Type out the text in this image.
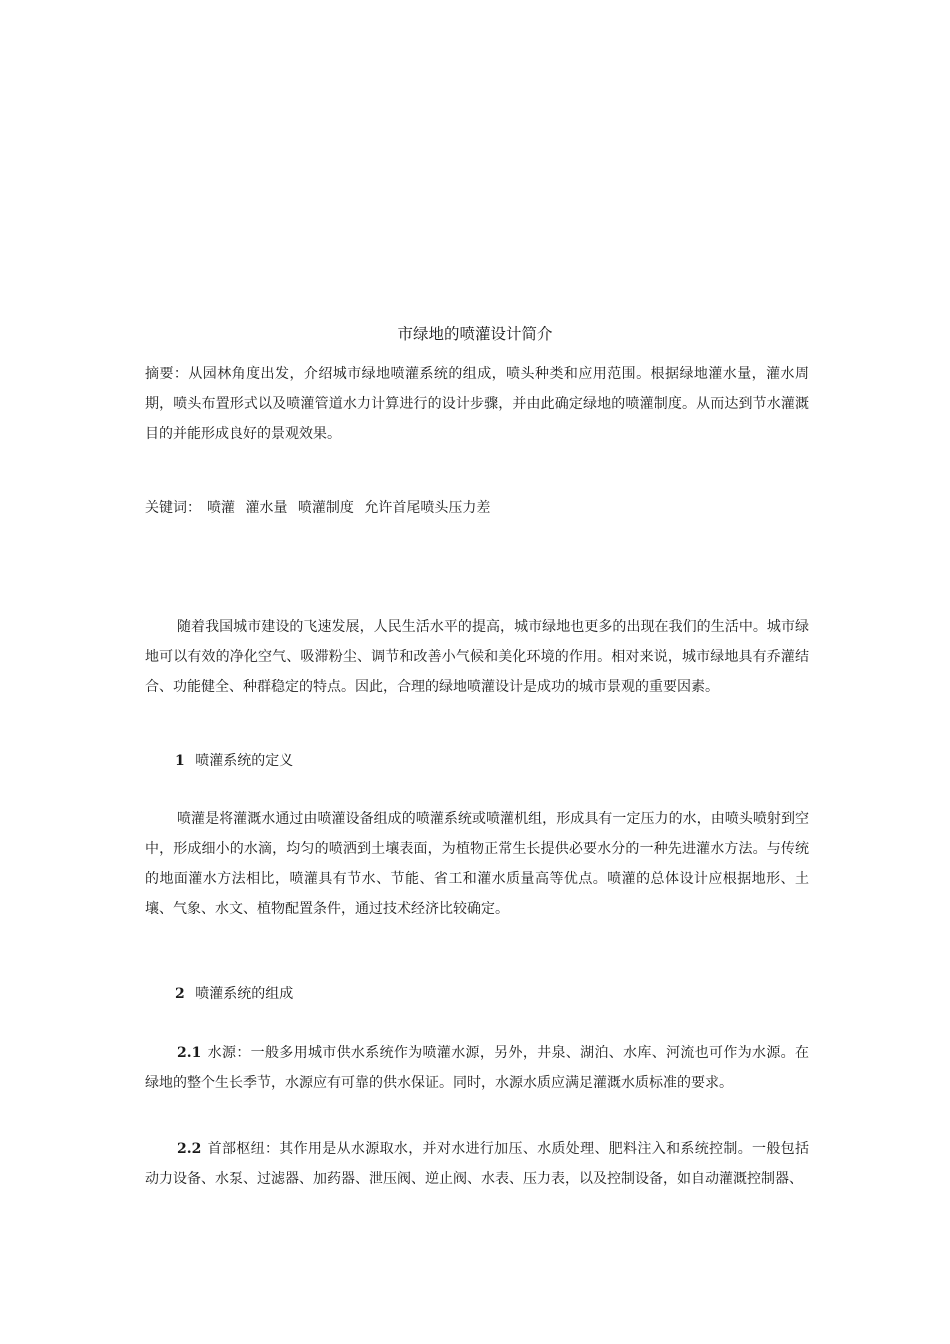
市绿地的喷灌设计简介

摘要：从园林角度出发，介绍城市绿地喷灌系统的组成，喷头种类和应用范围。根据绿地灌水量，灌水周期，喷头布置形式以及喷灌管道水力计算进行的设计步骤，并由此确定绿地的喷灌制度。从而达到节水灌溉目的并能形成良好的景观效果。

关键词： 喷灌 灌水量 喷灌制度 允许首尾喷头压力差

随着我国城市建设的飞速发展，人民生活水平的提高，城市绿地也更多的出现在我们的生活中。城市绿地可以有效的净化空气、吸滞粉尘、调节和改善小气候和美化环境的作用。相对来说，城市绿地具有乔灌结合、功能健全、种群稳定的特点。因此，合理的绿地喷灌设计是成功的城市景观的重要因素。

1 喷灌系统的定义

喷灌是将灌溉水通过由喷灌设备组成的喷灌系统或喷灌机组，形成具有一定压力的水，由喷头喷射到空中，形成细小的水滴，均匀的喷洒到土壤表面，为植物正常生长提供必要水分的一种先进灌水方法。与传统的地面灌水方法相比，喷灌具有节水、节能、省工和灌水质量高等优点。喷灌的总体设计应根据地形、土壤、气象、水文、植物配置条件，通过技术经济比较确定。

2 喷灌系统的组成

2.1 水源：一般多用城市供水系统作为喷灌水源，另外，井泉、湖泊、水库、河流也可作为水源。在绿地的整个生长季节，水源应有可靠的供水保证。同时，水源水质应满足灌溉水质标准的要求。

2.2 首部枢纽：其作用是从水源取水，并对水进行加压、水质处理、肥料注入和系统控制。一般包括动力设备、水泵、过滤器、加药器、泄压阀、逆止阀、水表、压力表，以及控制设备，如自动灌溉控制器、
